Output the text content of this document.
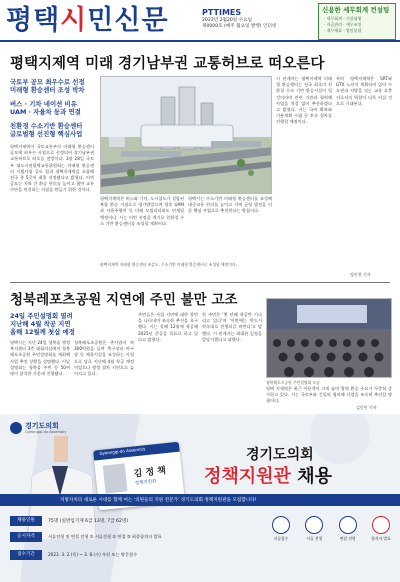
평택시민신문	PTTIMES
2023년 2월20일 수요일
제0000호 (매주 월요일 발행) 인터넷
신용한 세무회계 컨설팅
· 세무회계 · 기장대행
· 자금관리 · 세무조정
· 재무제표 · 법인설립
평택지제역 미래 경기남부권 교통허브로 떠오른다
국토부 공모 최우수로 선정
미래형 환승센터 조성 박차
버스 · 기차 네이션 비유
UAM · 자율차 등과 연결
친환경 수소기반 환승센터
글로벌형 선진형 핵심사업
평택지제역이 국토교통부의 미래형 환승센터 공모에 최우수 사업으로 선정되어 경기남부권 교통허브로 떠오를 전망이다. 3월 28일 국토부 대도시권광역교통위원회는 미래형 환승센터 시범사업 공모 결과 평택지제역을 포함해 전국 총 5곳이 최종 선정됐다고 밝혔다. 이번 공모는 지역 간 환승 편의를 높이고 첨단 교통수단을 연결하는 거점을 만들기 위한 것이다.
평택지제역은 버스와 기차, 도시철도가 결합된 복합 환승 거점으로 평가받았으며 향후 UAM과 자율주행차 등 미래 모빌리티와도 연계될 예정이다. 시는 이번 선정을 계기로 친환경 수소 기반 환승센터를 조성할 계획이다.
평택시는 수소기반 미래형 환승센터를 조성해 대중교통 편의를 높이고 지역 균형 발전을 이끌 핵심 사업으로 추진한다는 방침이다.
시 관계자는 평택지제역 미래형 환승센터는 전국 최초의 친환경 수소 기반 환승시설이 될 것이라며 관련 기관과 협력해 사업을 차질 없이 추진하겠다고 밝혔다. 시는 국비 확보와 기본계획 수립 등 후속 절차를 진행할 예정이다.
특히 평택지제역은 SRT와 GTX 노선이 계획되어 있어 수도권과 지방을 잇는 교통 요충지로서의 역할이 더욱 커질 것으로 기대된다.
평택지제역 미래형 환승센터 조감도. 수소기반 미래형 환승센터로 조성될 예정이다.
정진천 기자
청북레포츠공원 지연에 주민 불만 고조
24일 주민설명회 열려
지난해 4월 착공 지연
올해 12월께 첫삽 예정
평택시는 지난 24일 청북읍 행정복지센터 3층 대회의실에서 청북레포츠공원 주민설명회를 개최해 사업 추진 상황을 설명했다. 이날 설명회는 청북읍 주민 등 50여 명이 참석한 가운데 진행됐다.
청북레포츠공원은 총사업비 약 300억원을 들여 축구장과 야구장 등 체육시설을 조성하는 사업으로 당초 지난해 4월 착공 예정이었으나 행정 절차 지연으로 늦어지고 있다.
주민들은 사업 지연에 대한 불만을 나타내며 조속한 추진을 요구했다. 시는 올해 12월께 착공해 2025년 준공을 목표로 하고 있다고 밝혔다.
한 주민은 '몇 년째 착공만 기다리고 있다'며 '이번에는 반드시 약속대로 진행되길 바란다'고 말했다. 시 관계자는 최대한 일정을 앞당기겠다고 답했다.
청북레포츠공원 주민설명회 모습
평택 지제역은 최근 이용객이 크게 늘며 광역 환승 수요가 꾸준히 증가하고 있다. 시는 국토부와 긴밀히 협의해 사업을 조속히 추진할 방침이다.
김동민 기자
경기도의회
Gyeonggi-do Assembly
Gyeonggi-do Assembly
김 정 책
정책지원관
경기도의회
정책지원관 채용
지방자치의 새로운 시대를 함께 여는 '의원들의 지원 전문가' 경기도의회 정책지원관을 모집합니다!
채용인원	75명 (일반임기제 6급 13명, 7급 62명)
응시자격	서류전형 및 면접 전형 ① 서류전형 ② 면접 ③ 최종합격자 발표
접수기간	2023. 3. 2.(목) ~ 3. 8.(수) 우편 또는 방문접수
서류접수	서류 전형	면접 전형	합격자 발표
